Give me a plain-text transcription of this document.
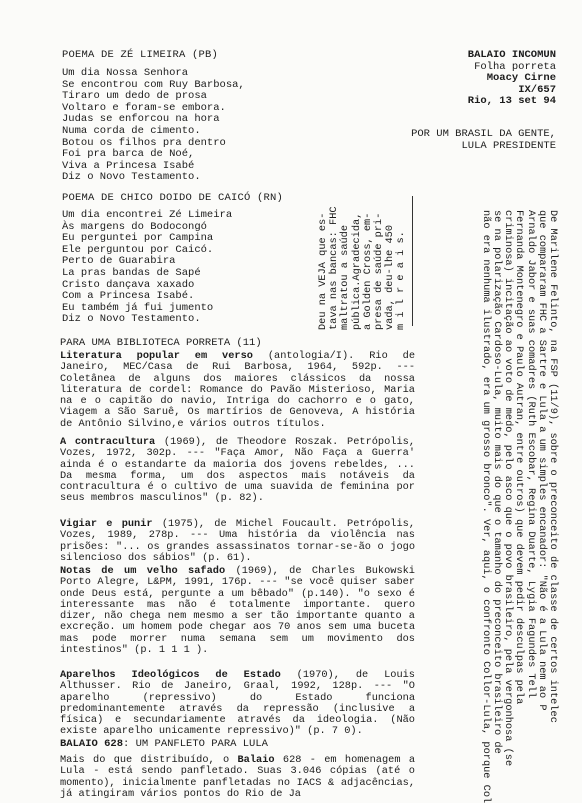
BALAIO INCOMUN
Folha porreta
Moacy Cirne
IX/657
Rio, 13 set 94
POR UM BRASIL DA GENTE,
LULA PRESIDENTE
POEMA DE ZÉ LIMEIRA (PB)
Um dia Nossa Senhora
Se encontrou com Ruy Barbosa,
Tirarо um dedo de prosa
Voltaro e foram-se embora.
Judas se enforcou na hora
Numa corda de cimento.
Botou os filhos pra dentro
Foi pra barca de Noé,
Viva a Princesa Isabé
Diz o Novo Testamento.
POEMA DE CHICO DOIDO DE CAICÓ (RN)
Um dia encontrei Zé Limeira
Às margens do Bodocongó
Eu perguntei por Campina
Ele perguntou por Caicó.
Perto de Guarabira
La pras bandas de Sapé
Cristo dançava xaxado
Com a Princesa Isabé.
Eu também já fui jumento
Diz o Novo Testamento.	Deu na VEJA que es- tava nas bancas: FHC maltratou a saúde pública.Agradecida, a Golden Cross, em- presa de saúde pri- vada, deu-lhe 450 m i l r e a i s.	De Marilene Felinto, na FSP (11/9), sobre o preconceito de classe de certos intelec
que compararam FHC a Sartre e Lula a um simples encanador: "Não é a Lula nem ao P
Arnaldo Jabor e suas comadres (Ruth Escobar, Regina Duarte, Lygia Fagundes Tell
Fernanda Montenegro e Paulo Autran, entre outros) que devem pedir desculpas pela
criminosa) incitação ao voto de medo, pelo asco que o povo brasileiro, pela vergonhosa (se
se na polarização Cardoso-Lula, muito mais do que o tamanho do preconceito brasileiro de
não era nenhuma ilustrado, era um grosso bronco". Ver, aqui, o confronto Collor-Lula, porque Col
PARA UMA BIBLIOTECA PORRETA (11)
Literatura popular em verso (antologia/I). Rio de Janeiro, MEC/Casa de Rui Barbosa, 1964, 592p. --- Coletânea de alguns dos maiores clássicos da nossa literatura de cordel: Romance do Pavão Misterioso, Maria na e o capitão do navio, Intriga do cachorro e o gato, Viagem a São Saruê, Os martírios de Genoveva, A história de Antônio Silvino,e vários outros títulos.
A contracultura (1969), de Theodore Roszak. Petrópolis, Vozes, 1972, 302p. --- "Faça Amor, Não Faça a Guerra' ainda é o estandarte da maioria dos jovens rebeldes, ... Da mesma forma, um dos aspectos mais notáveis da contracultura é o cultivo de uma suavida de feminina por seus membros masculinos" (p. 82).
Vigiar e punir (1975), de Michel Foucault. Petrópolis, Vozes, 1989, 278p. --- Uma história da violência nas prisões: "... os grandes assassinatos tornar-se-ão o jogo silencioso dos sábios" (p. 61).
Notas de um velho safado (1969), de Charles Bukowski Porto Alegre, L&PM, 1991, 176p. --- "se você quiser saber onde Deus está, pergunte a um bêbado" (p.140). "o sexo é interessante mas não é totalmente importante. quero dizer, não chega nem mesmo a ser tão importante quanto a excreção. um homem pode chegar aos 70 anos sem uma buceta mas pode morrer numa semana sem um movimento dos intestinos" (p. 1 1 1 ).
Aparelhos Ideológicos de Estado (1970), de Louis Althusser. Rio de Janeiro, Graal, 1992, 128p. --- "O aparelho (repressivo) do Estado funciona predominantemente através da repressão (inclusive a física) e secundariamente através da ideologia. (Não existe aparelho unicamente repressivo)" (p. 7 0).
BALAIO 628: UM PANFLETO PARA LULA
Mais do que distribuído, o Balaio 628 - em homenagem a Lula - está sendo panfletado. Suas 3.046 cópias (até o momento), inicialmente panfletadas no IACS & adjacências, já atingiram vários pontos do Rio de Ja
